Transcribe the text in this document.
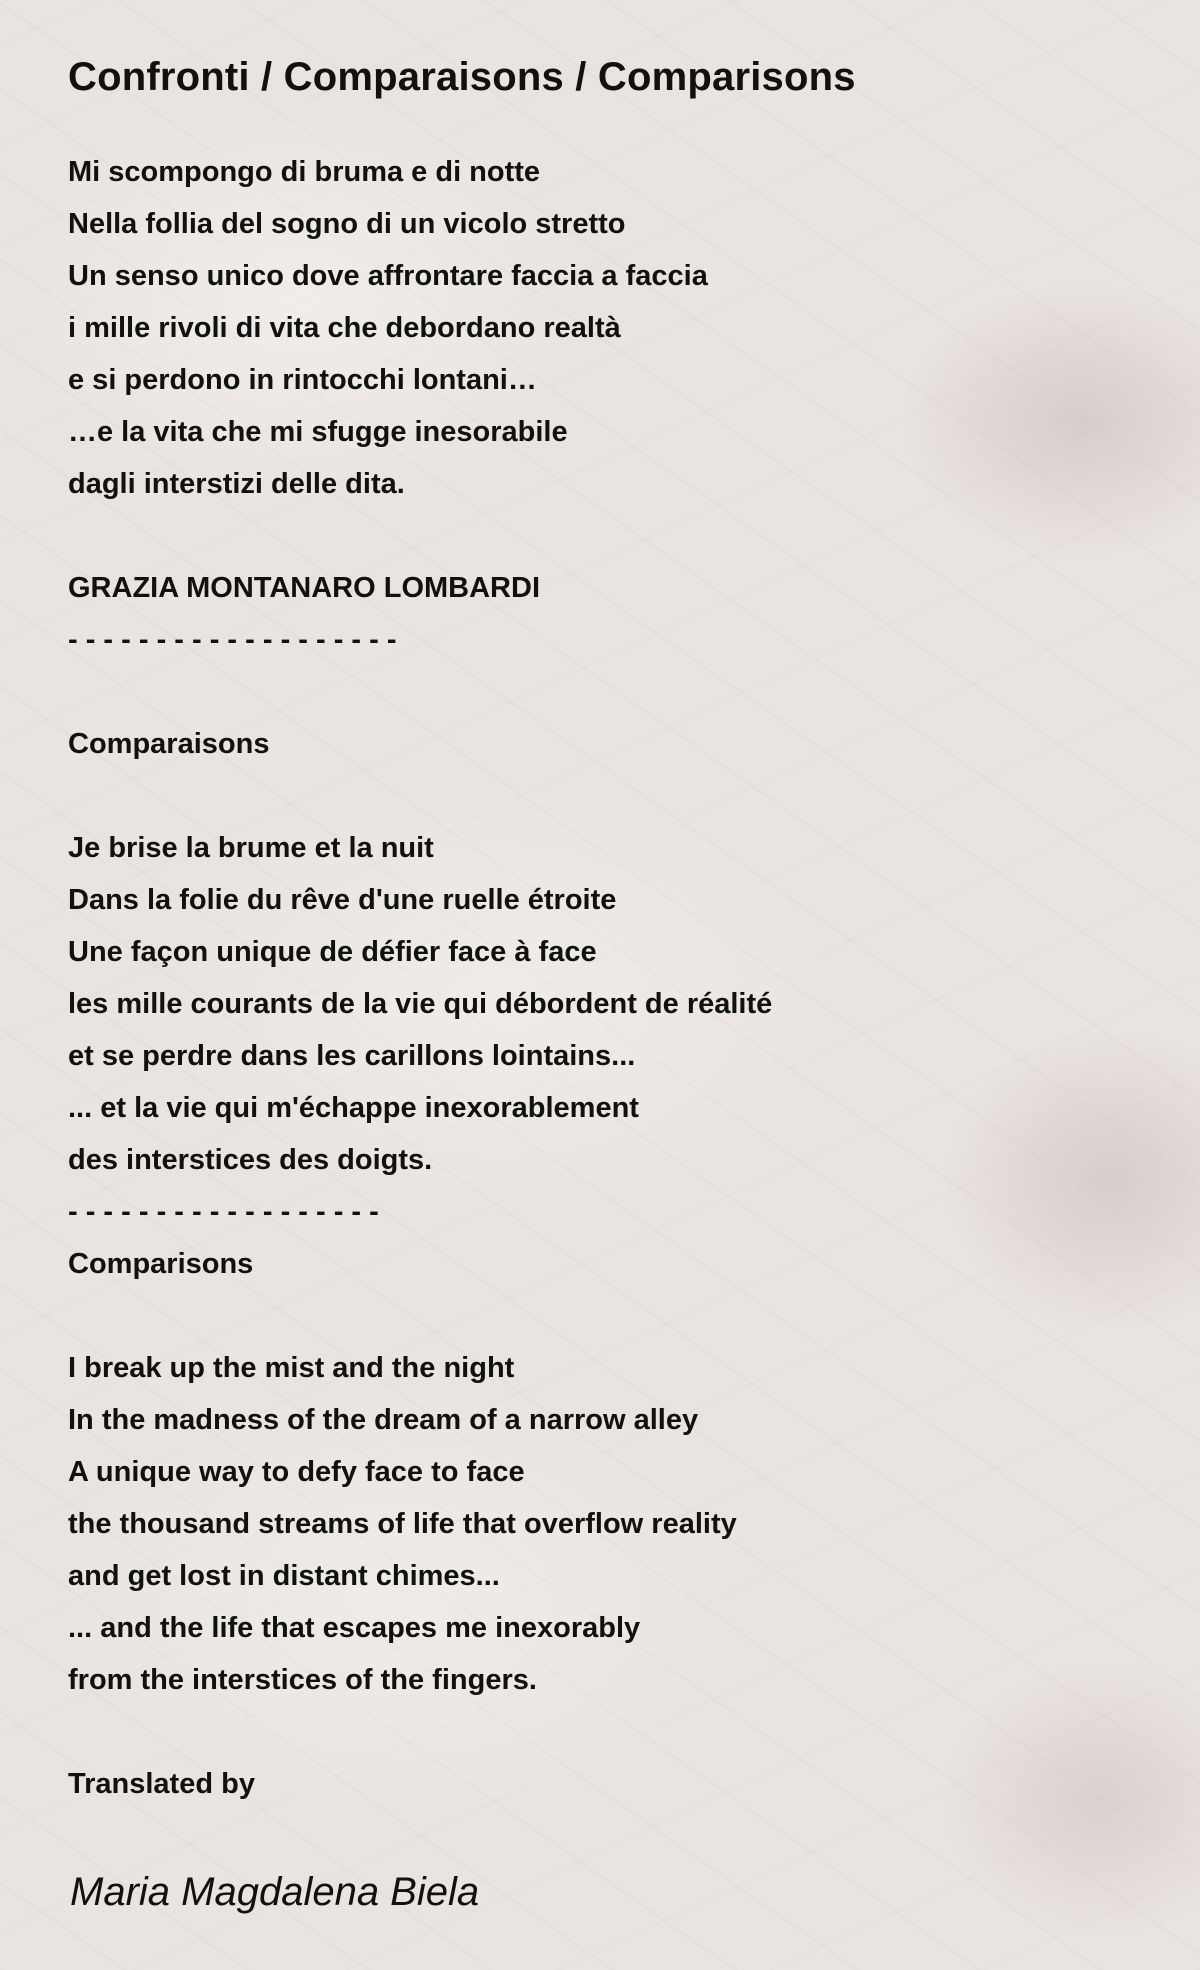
Confronti / Comparaisons / Comparisons
Mi scompongo di bruma e di notte
Nella follia del sogno di un vicolo stretto
Un senso unico dove affrontare faccia a faccia
i mille rivoli di vita che debordano realtà
e si perdono in rintocchi lontani…
…e la vita che mi sfugge inesorabile
dagli interstizi delle dita.
GRAZIA MONTANARO LOMBARDI
- - - - - - - - - - - - - - - - - - -
Comparaisons
Je brise la brume et la nuit
Dans la folie du rêve d'une ruelle étroite
Une façon unique de défier face à face
les mille courants de la vie qui débordent de réalité
et se perdre dans les carillons lointains...
... et la vie qui m'échappe inexorablement
des interstices des doigts.
- - - - - - - - - - - - - - - - - -
Comparisons
I break up the mist and the night
In the madness of the dream of a narrow alley
A unique way to defy face to face
the thousand streams of life that overflow reality
and get lost in distant chimes...
... and the life that escapes me inexorably
from the interstices of the fingers.
Translated by
Maria Magdalena Biela
